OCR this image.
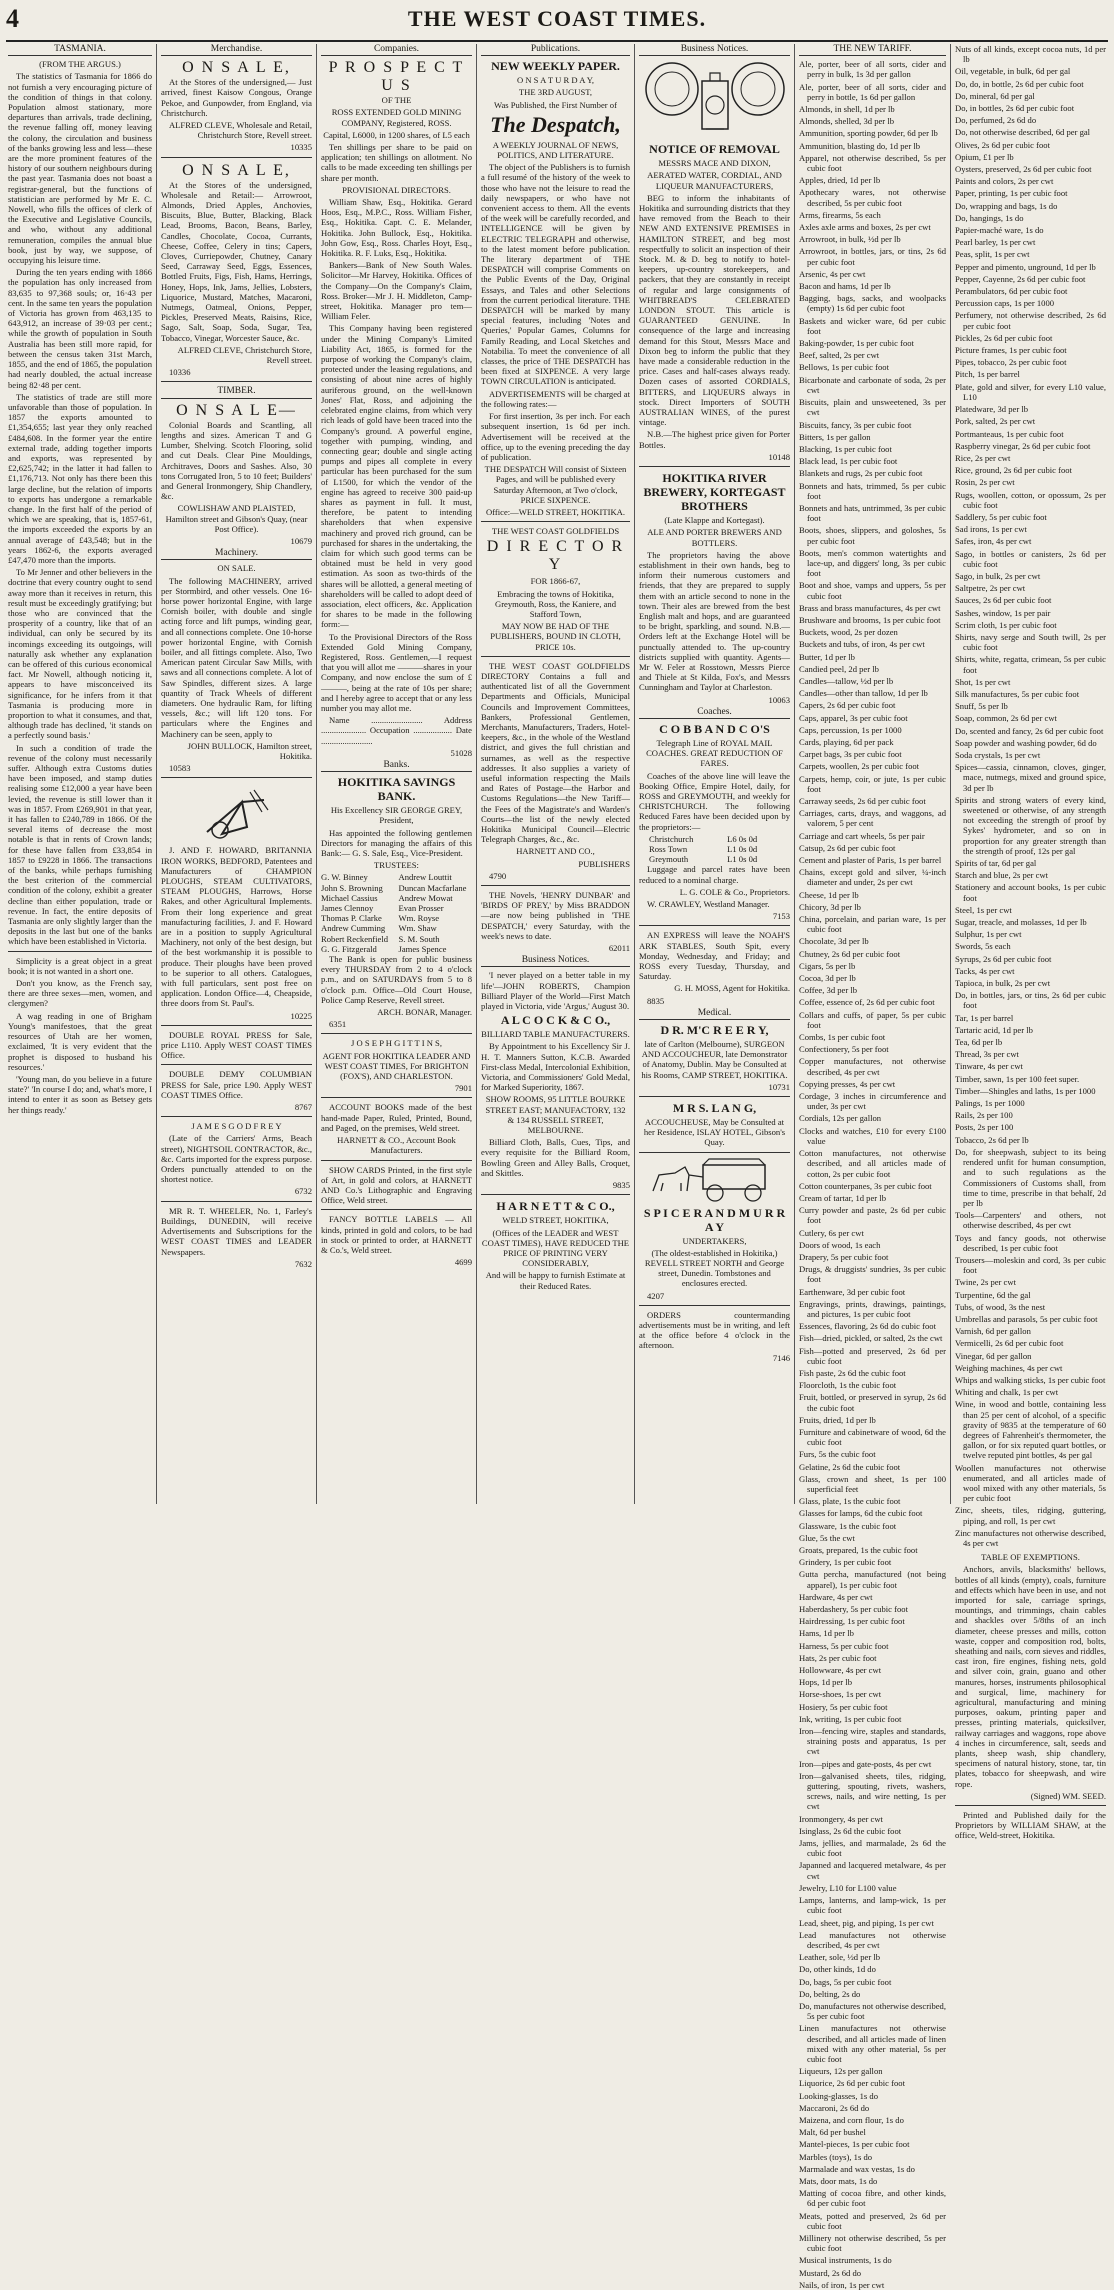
4	THE WEST COAST TIMES.
TASMANIA.

(FROM THE ARGUS.)

The statistics of Tasmania for 1866 do not furnish a very encouraging picture of the condition of things in that colony. Population almost stationary, more departures than arrivals, trade declining, the revenue falling off, money leaving the colony, the circulation and business of the banks growing less and less—these are the more prominent features of the history of our southern neighbours during the past year. Tasmania does not boast a registrar-general, but the functions of statistician are performed by Mr E. C. Nowell, who fills the offices of clerk of the Executive and Legislative Councils, and who, without any additional remuneration, compiles the annual blue book, just by way, we suppose, of occupying his leisure time.

During the ten years ending with 1866 the population has only increased from 83,635 to 97,368 souls; or, 16·43 per cent. In the same ten years the population of Victoria has grown from 463,135 to 643,912, an increase of 39·03 per cent.; while the growth of population in South Australia has been still more rapid, for between the census taken 31st March, 1855, and the end of 1865, the population had nearly doubled, the actual increase being 82·48 per cent.

The statistics of trade are still more unfavorable than those of population. In 1857 the exports amounted to £1,354,655; last year they only reached £484,608. In the former year the entire external trade, adding together imports and exports, was represented by £2,625,742; in the latter it had fallen to £1,176,713. Not only has there been this large decline, but the relation of imports to exports has undergone a remarkable change. In the first half of the period of which we are speaking, that is, 1857-61, the imports exceeded the exports by an annual average of £43,548; but in the years 1862-6, the exports averaged £47,470 more than the imports.

To Mr Jenner and other believers in the doctrine that every country ought to send away more than it receives in return, this result must be exceedingly gratifying; but those who are convinced that the prosperity of a country, like that of an individual, can only be secured by its incomings exceeding its outgoings, will naturally ask whether any explanation can be offered of this curious economical fact. Mr Nowell, although noticing it, appears to have misconceived its significance, for he infers from it that Tasmania is producing more in proportion to what it consumes, and that, although trade has declined, 'it stands on a perfectly sound basis.'

In such a condition of trade the revenue of the colony must necessarily suffer. Although extra Customs duties have been imposed, and stamp duties realising some £12,000 a year have been levied, the revenue is still lower than it was in 1857. From £269,901 in that year, it has fallen to £240,789 in 1866. Of the several items of decrease the most notable is that in rents of Crown lands; for these have fallen from £33,854 in 1857 to £9228 in 1866. The transactions of the banks, while perhaps furnishing the best criterion of the commercial condition of the colony, exhibit a greater decline than either population, trade or revenue. In fact, the entire deposits of Tasmania are only slightly larger than the deposits in the last but one of the banks which have been established in Victoria.

Simplicity is a great object in a great book; it is not wanted in a short one.

Don't you know, as the French say, there are three sexes—men, women, and clergymen?

A wag reading in one of Brigham Young's manifestoes, that the great resources of Utah are her women, exclaimed, 'It is very evident that the prophet is disposed to husband his resources.'

'Young man, do you believe in a future state?' 'In course I do; and, what's more, I intend to enter it as soon as Betsey gets her things ready.'

Merchandise.
O N S A L E,

At the Stores of the undersigned,— Just arrived, finest Kaisow Congous, Orange Pekoe, and Gunpowder, from England, via Christchurch.

ALFRED CLEVE, Wholesale and Retail, Christchurch Store, Revell street.

10335

O N S A L E,

At the Stores of the undersigned, Wholesale and Retail:— Arrowroot, Almonds, Dried Apples, Anchovies, Biscuits, Blue, Butter, Blacking, Black Lead, Brooms, Bacon, Beans, Barley, Candles, Chocolate, Cocoa, Currants, Cheese, Coffee, Celery in tins; Capers, Cloves, Curriepowder, Chutney, Canary Seed, Carraway Seed, Eggs, Essences, Bottled Fruits, Figs, Fish, Hams, Herrings, Honey, Hops, Ink, Jams, Jellies, Lobsters, Liquorice, Mustard, Matches, Macaroni, Nutmegs, Oatmeal, Onions, Pepper, Pickles, Preserved Meats, Raisins, Rice, Sago, Salt, Soap, Soda, Sugar, Tea, Tobacco, Vinegar, Worcester Sauce, &c.

ALFRED CLEVE, Christchurch Store, Revell street.

10336

TIMBER.
O N S A L E—

Colonial Boards and Scantling, all lengths and sizes. American T and G Lumber, Shelving. Scotch Flooring, solid and cut Deals. Clear Pine Mouldings, Architraves, Doors and Sashes. Also, 30 tons Corrugated Iron, 5 to 10 feet; Builders' and General Ironmongery, Ship Chandlery, &c.

COWLISHAW AND PLAISTED, Hamilton street and Gibson's Quay, (near Post Office).

10679

Machinery.

ON SALE.

The following MACHINERY, arrived per Stormbird, and other vessels. One 16-horse power horizontal Engine, with large Cornish boiler, with double and single acting force and lift pumps, winding gear, and all connections complete. One 10-horse power horizontal Engine, with Cornish boiler, and all fittings complete. Also, Two American patent Circular Saw Mills, with saws and all connections complete. A lot of Saw Spindles, different sizes. A large quantity of Track Wheels of different diameters. One hydraulic Ram, for lifting vessels, &c.; will lift 120 tons. For particulars where the Engines and Machinery can be seen, apply to

JOHN BULLOCK, Hamilton street, Hokitika.

10583

J. AND F. HOWARD, BRITANNIA IRON WORKS, BEDFORD, Patentees and Manufacturers of CHAMPION PLOUGHS, STEAM CULTIVATORS, STEAM PLOUGHS, Harrows, Horse Rakes, and other Agricultural Implements. From their long experience and great manufacturing facilities, J. and F. Howard are in a position to supply Agricultural Machinery, not only of the best design, but of the best workmanship it is possible to produce. Their ploughs have been proved to be superior to all others. Catalogues, with full particulars, sent post free on application. London Office—4, Cheapside, three doors from St. Paul's.

10225

DOUBLE ROYAL PRESS for Sale, price L110. Apply WEST COAST TIMES Office.

DOUBLE DEMY COLUMBIAN PRESS for Sale, price L90. Apply WEST COAST TIMES Office.

8767

J A M E S G O D F R E Y

(Late of the Carriers' Arms, Beach street), NIGHTSOIL CONTRACTOR, &c., &c. Carts imported for the express purpose. Orders punctually attended to on the shortest notice.

6732

MR R. T. WHEELER, No. 1, Farley's Buildings, DUNEDIN, will receive Advertisements and Subscriptions for the WEST COAST TIMES and LEADER Newspapers.

7632

Companies.
P R O S P E C T U S

OF THE

ROSS EXTENDED GOLD MINING COMPANY, Registered, ROSS.

Capital, L6000, in 1200 shares, of L5 each

Ten shillings per share to be paid on application; ten shillings on allotment. No calls to be made exceeding ten shillings per share per month.

PROVISIONAL DIRECTORS.

William Shaw, Esq., Hokitika. Gerard Hoos, Esq., M.P.C., Ross. William Fisher, Esq., Hokitika. Capt. C. E. Melander, Hokitika. John Bullock, Esq., Hokitika. John Gow, Esq., Ross. Charles Hoyt, Esq., Hokitika. R. F. Luks, Esq., Hokitika.

Bankers—Bank of New South Wales. Solicitor—Mr Harvey, Hokitika. Offices of the Company—On the Company's Claim, Ross. Broker—Mr J. H. Middleton, Camp-street, Hokitika. Manager pro tem—William Feler.

This Company having been registered under the Mining Company's Limited Liability Act, 1865, is formed for the purpose of working the Company's claim, protected under the leasing regulations, and consisting of about nine acres of highly auriferous ground, on the well-known Jones' Flat, Ross, and adjoining the celebrated engine claims, from which very rich leads of gold have been traced into the Company's ground. A powerful engine, together with pumping, winding, and connecting gear; double and single acting pumps and pipes all complete in every particular has been purchased for the sum of L1500, for which the vendor of the engine has agreed to receive 300 paid-up shares as payment in full. It must, therefore, be patent to intending shareholders that when expensive machinery and proved rich ground, can be purchased for shares in the undertaking, the claim for which such good terms can be obtained must be held in very good estimation. As soon as two-thirds of the shares will be allotted, a general meeting of shareholders will be called to adopt deed of association, elect officers, &c. Application for shares to be made in the following form:—

To the Provisional Directors of the Ross Extended Gold Mining Company, Registered, Ross. Gentlemen,—I request that you will allot me ———shares in your Company, and now enclose the sum of £———, being at the rate of 10s per share; and I hereby agree to accept that or any less number you may allot me.

Name ........................ Address ..................... Occupation .................. Date ........................

51028

Banks.

HOKITIKA SAVINGS BANK.

His Excellency SIR GEORGE GREY, President,

Has appointed the following gentlemen Directors for managing the affairs of this Bank:— G. S. Sale, Esq., Vice-President.

TRUSTEES:

G. W. Binney	Andrew Louttit
John S. Browning	Duncan Macfarlane
Michael Cassius	Andrew Mowat
James Clennoy	Evan Prosser
Thomas P. Clarke	Wm. Royse
Andrew Cumming	Wm. Shaw
Robert Reckenfield	S. M. South
G. G. Fitzgerald	James Spence

The Bank is open for public business every THURSDAY from 2 to 4 o'clock p.m., and on SATURDAYS from 5 to 8 o'clock p.m. Office—Old Court House, Police Camp Reserve, Revell street.

ARCH. BONAR, Manager.

6351

J O S E P H G I T T I N S,

AGENT FOR HOKITIKA LEADER AND WEST COAST TIMES, For BRIGHTON (FOX'S), AND CHARLESTON.

7901

ACCOUNT BOOKS made of the best hand-made Paper, Ruled, Printed, Bound, and Paged, on the premises, Weld street.

HARNETT & CO., Account Book Manufacturers.

SHOW CARDS Printed, in the first style of Art, in gold and colors, at HARNETT AND Co.'s Lithographic and Engraving Office, Weld street.

FANCY BOTTLE LABELS — All kinds, printed in gold and colors, to be had in stock or printed to order, at HARNETT & Co.'s, Weld street.

4699

Publications.

NEW WEEKLY PAPER.

O N S A T U R D A Y,

THE 3RD AUGUST,

Was Published, the First Number of

The Despatch,

A WEEKLY JOURNAL OF NEWS, POLITICS, AND LITERATURE.

The object of the Publishers is to furnish a full resumé of the history of the week to those who have not the leisure to read the daily newspapers, or who have not convenient access to them. All the events of the week will be carefully recorded, and INTELLIGENCE will be given by ELECTRIC TELEGRAPH and otherwise, to the latest moment before publication. The literary department of THE DESPATCH will comprise Comments on the Public Events of the Day, Original Essays, and Tales and other Selections from the current periodical literature. THE DESPATCH will be marked by many special features, including 'Notes and Queries,' Popular Games, Columns for Family Reading, and Local Sketches and Notabilia. To meet the convenience of all classes, the price of THE DESPATCH has been fixed at SIXPENCE. A very large TOWN CIRCULATION is anticipated.

ADVERTISEMENTS will be charged at the following rates:—

For first insertion, 3s per inch. For each subsequent insertion, 1s 6d per inch. Advertisement will be received at the office, up to the evening preceding the day of publication.

THE DESPATCH Will consist of Sixteen Pages, and will be published every Saturday Afternoon, at Two o'clock, PRICE SIXPENCE.

Office:—WELD STREET, HOKITIKA.

THE WEST COAST GOLDFIELDS

D I R E C T O R Y

FOR 1866-67,

Embracing the towns of Hokitika, Greymouth, Ross, the Kaniere, and Stafford Town,

MAY NOW BE HAD OF THE PUBLISHERS, BOUND IN CLOTH, PRICE 10s.

THE WEST COAST GOLDFIELDS DIRECTORY Contains a full and authenticated list of all the Government Departments and Officials, Municipal Councils and Improvement Committees, Bankers, Professional Gentlemen, Merchants, Manufacturers, Traders, Hotel-keepers, &c., in the whole of the Westland district, and gives the full christian and surnames, as well as the respective addresses. It also supplies a variety of useful information respecting the Mails and Rates of Postage—the Harbor and Customs Regulations—the New Tariff—the Fees of the Magistrate's and Warden's Courts—the list of the newly elected Hokitika Municipal Council—Electric Telegraph Charges, &c., &c.

HARNETT AND CO.,

PUBLISHERS

4790

THE Novels, 'HENRY DUNBAR' and 'BIRDS OF PREY,' by Miss BRADDON—are now being published in 'THE DESPATCH,' every Saturday, with the week's news to date.

62011

Business Notices.

'I never played on a better table in my life'—JOHN ROBERTS, Champion Billiard Player of the World—First Match played in Victoria, vide 'Argus,' August 30.

A L C O C K & C O.,

BILLIARD TABLE MANUFACTURERS.

By Appointment to his Excellency Sir J. H. T. Manners Sutton, K.C.B. Awarded First-class Medal, Intercolonial Exhibition, Victoria, and Commissioners' Gold Medal, for Marked Superiority, 1867.

SHOW ROOMS, 95 LITTLE BOURKE STREET EAST; MANUFACTORY, 132 & 134 RUSSELL STREET, MELBOURNE.

Billiard Cloth, Balls, Cues, Tips, and every requisite for the Billiard Room, Bowling Green and Alley Balls, Croquet, and Skittles.

9835

H A R N E T T & C O.,

WELD STREET, HOKITIKA,

(Offices of the LEADER and WEST COAST TIMES), HAVE REDUCED THE PRICE OF PRINTING VERY CONSIDERABLY,

And will be happy to furnish Estimate at their Reduced Rates.

Business Notices.

NOTICE OF REMOVAL

MESSRS MACE AND DIXON,

AERATED WATER, CORDIAL, AND LIQUEUR MANUFACTURERS,

BEG to inform the inhabitants of Hokitika and surrounding districts that they have removed from the Beach to their NEW AND EXTENSIVE PREMISES in HAMILTON STREET, and beg most respectfully to solicit an inspection of their Stock. M. & D. beg to notify to hotel-keepers, up-country storekeepers, and packers, that they are constantly in receipt of regular and large consignments of WHITBREAD'S CELEBRATED LONDON STOUT. This article is GUARANTEED GENUINE. In consequence of the large and increasing demand for this Stout, Messrs Mace and Dixon beg to inform the public that they have made a considerable reduction in the price. Cases and half-cases always ready. Dozen cases of assorted CORDIALS, BITTERS, and LIQUEURS always in stock. Direct Importers of SOUTH AUSTRALIAN WINES, of the purest vintage.

N.B.—The highest price given for Porter Bottles.

10148

HOKITIKA RIVER BREWERY, KORTEGAST BROTHERS

(Late Klappe and Kortegast).

ALE AND PORTER BREWERS AND BOTTLERS.

The proprietors having the above establishment in their own hands, beg to inform their numerous customers and friends, that they are prepared to supply them with an article second to none in the town. Their ales are brewed from the best English malt and hops, and are guaranteed to be bright, sparkling, and sound. N.B.—Orders left at the Exchange Hotel will be punctually attended to. The up-country districts supplied with quantity. Agents—Mr W. Feler at Rosstown, Messrs Pierce and Thiele at St Kilda, Fox's, and Messrs Cunningham and Taylor at Charleston.

10063

Coaches.

C O B B A N D C O'S

Telegraph Line of ROYAL MAIL COACHES. GREAT REDUCTION OF FARES.

Coaches of the above line will leave the Booking Office, Empire Hotel, daily, for ROSS and GREYMOUTH, and weekly for CHRISTCHURCH. The following Reduced Fares have been decided upon by the proprietors:—

Christchurch	L6 0s 0d
Ross Town	L1 0s 0d
Greymouth	L1 0s 0d

Luggage and parcel rates have been reduced to a nominal charge.

L. G. COLE & Co., Proprietors.

W. CRAWLEY, Westland Manager.

7153

AN EXPRESS will leave the NOAH'S ARK STABLES, South Spit, every Monday, Wednesday, and Friday; and ROSS every Tuesday, Thursday, and Saturday.

G. H. MOSS, Agent for Hokitika.

8835

Medical.

D R. M'C R E E R Y,

late of Carlton (Melbourne), SURGEON AND ACCOUCHEUR, late Demonstrator of Anatomy, Dublin. May be Consulted at his Rooms, CAMP STREET, HOKITIKA.

10731

M R S. L A N G,

ACCOUCHEUSE, May be Consulted at her Residence, ISLAY HOTEL, Gibson's Quay.

S P I C E R A N D M U R R A Y

UNDERTAKERS,

(The oldest-established in Hokitika,) REVELL STREET NORTH and George street, Dunedin. Tombstones and enclosures erected.

4207

ORDERS countermanding advertisements must be in writing, and left at the office before 4 o'clock in the afternoon.

7146

THE NEW TARIFF.

Ale, porter, beer of all sorts, cider and perry in bulk, 1s 3d per gallon

Ale, porter, beer of all sorts, cider and perry in bottle, 1s 6d per gallon

Almonds, in shell, 1d per lb

Almonds, shelled, 3d per lb

Ammunition, sporting powder, 6d per lb

Ammunition, blasting do, 1d per lb

Apparel, not otherwise described, 5s per cubic foot

Apples, dried, 1d per lb

Apothecary wares, not otherwise described, 5s per cubic foot

Arms, firearms, 5s each

Axles axle arms and boxes, 2s per cwt

Arrowroot, in bulk, ½d per lb

Arrowroot, in bottles, jars, or tins, 2s 6d per cubic foot

Arsenic, 4s per cwt

Bacon and hams, 1d per lb

Bagging, bags, sacks, and woolpacks (empty) 1s 6d per cubic foot

Baskets and wicker ware, 6d per cubic foot

Baking-powder, 1s per cubic foot

Beef, salted, 2s per cwt

Bellows, 1s per cubic foot

Bicarbonate and carbonate of soda, 2s per cwt

Biscuits, plain and unsweetened, 3s per cwt

Biscuits, fancy, 3s per cubic foot

Bitters, 1s per gallon

Blacking, 1s per cubic foot

Black lead, 1s per cubic foot

Blankets and rugs, 2s per cubic foot

Bonnets and hats, trimmed, 5s per cubic foot

Bonnets and hats, untrimmed, 3s per cubic foot

Boots, shoes, slippers, and goloshes, 5s per cubic foot

Boots, men's common watertights and lace-up, and diggers' long, 3s per cubic foot

Boot and shoe, vamps and uppers, 5s per cubic foot

Brass and brass manufactures, 4s per cwt

Brushware and brooms, 1s per cubic foot

Buckets, wood, 2s per dozen

Buckets and tubs, of iron, 4s per cwt

Butter, 1d per lb

Candied peel, 2d per lb

Candles—tallow, ½d per lb

Candles—other than tallow, 1d per lb

Capers, 2s 6d per cubic foot

Caps, apparel, 3s per cubic foot

Caps, percussion, 1s per 1000

Cards, playing, 6d per pack

Carpet bags, 3s per cubic foot

Carpets, woollen, 2s per cubic foot

Carpets, hemp, coir, or jute, 1s per cubic foot

Carraway seeds, 2s 6d per cubic foot

Carriages, carts, drays, and waggons, ad valorem, 5 per cent

Carriage and cart wheels, 5s per pair

Catsup, 2s 6d per cubic foot

Cement and plaster of Paris, 1s per barrel

Chains, except gold and silver, ¼-inch diameter and under, 2s per cwt

Cheese, 1d per lb

Chicory, 3d per lb

China, porcelain, and parian ware, 1s per cubic foot

Chocolate, 3d per lb

Chutney, 2s 6d per cubic foot

Cigars, 5s per lb

Cocoa, 3d per lb

Coffee, 3d per lb

Coffee, essence of, 2s 6d per cubic foot

Collars and cuffs, of paper, 5s per cubic foot

Combs, 1s per cubic foot

Confectionery, 5s per foot

Copper manufactures, not otherwise described, 4s per cwt

Copying presses, 4s per cwt

Cordage, 3 inches in circumference and under, 3s per cwt

Cordials, 12s per gallon

Clocks and watches, £10 for every £100 value

Cotton manufactures, not otherwise described, and all articles made of cotton, 2s per cubic foot

Cotton counterpanes, 3s per cubic foot

Cream of tartar, 1d per lb

Curry powder and paste, 2s 6d per cubic foot

Cutlery, 6s per cwt

Doors of wood, 1s each

Drapery, 5s per cubic foot

Drugs, & druggists' sundries, 3s per cubic foot

Earthenware, 3d per cubic foot

Engravings, prints, drawings, paintings, and pictures, 1s per cubic foot

Essences, flavoring, 2s 6d do cubic foot

Fish—dried, pickled, or salted, 2s the cwt

Fish—potted and preserved, 2s 6d per cubic foot

Fish paste, 2s 6d the cubic foot

Floorcloth, 1s the cubic foot

Fruit, bottled, or preserved in syrup, 2s 6d the cubic foot

Fruits, dried, 1d per lb

Furniture and cabinetware of wood, 6d the cubic foot

Furs, 5s the cubic foot

Gelatine, 2s 6d the cubic foot

Glass, crown and sheet, 1s per 100 superficial feet

Glass, plate, 1s the cubic foot

Glasses for lamps, 6d the cubic foot

Glassware, 1s the cubic foot

Glue, 5s the cwt

Groats, prepared, 1s the cubic foot

Grindery, 1s per cubic foot

Gutta percha, manufactured (not being apparel), 1s per cubic foot

Hardware, 4s per cwt

Haberdashery, 5s per cubic foot

Hairdressing, 1s per cubic foot

Hams, 1d per lb

Harness, 5s per cubic foot

Hats, 2s per cubic foot

Hollowware, 4s per cwt

Hops, 1d per lb

Horse-shoes, 1s per cwt

Hosiery, 5s per cubic foot

Ink, writing, 1s per cubic foot

Iron—fencing wire, staples and standards, straining posts and apparatus, 1s per cwt

Iron—pipes and gate-posts, 4s per cwt

Iron—galvanised sheets, tiles, ridging, guttering, spouting, rivets, washers, screws, nails, and wire netting, 1s per cwt

Ironmongery, 4s per cwt

Isinglass, 2s 6d the cubic foot

Jams, jellies, and marmalade, 2s 6d the cubic foot

Japanned and lacquered metalware, 4s per cwt

Jewelry, L10 for L100 value

Lamps, lanterns, and lamp-wick, 1s per cubic foot

Lead, sheet, pig, and piping, 1s per cwt

Lead manufactures not otherwise described, 4s per cwt

Leather, sole, ½d per lb

Do, other kinds, 1d do

Do, bags, 5s per cubic foot

Do, belting, 2s do

Do, manufactures not otherwise described, 5s per cubic foot

Linen manufactures not otherwise described, and all articles made of linen mixed with any other material, 5s per cubic foot

Liqueurs, 12s per gallon

Liquorice, 2s 6d per cubic foot

Looking-glasses, 1s do

Maccaroni, 2s 6d do

Maizena, and corn flour, 1s do

Malt, 6d per bushel

Mantel-pieces, 1s per cubic foot

Marbles (toys), 1s do

Marmalade and wax vestas, 1s do

Mats, door mats, 1s do

Matting of cocoa fibre, and other kinds, 6d per cubic foot

Meats, potted and preserved, 2s 6d per cubic foot

Millinery not otherwise described, 5s per cubic foot

Musical instruments, 1s do

Mustard, 2s 6d do

Nails, of iron, 1s per cwt

Nuts of all kinds, except cocoa nuts, 1d per lb

Oil, vegetable, in bulk, 6d per gal

Do, do, in bottle, 2s 6d per cubic foot

Do, mineral, 6d per gal

Do, in bottles, 2s 6d per cubic foot

Do, perfumed, 2s 6d do

Do, not otherwise described, 6d per gal

Olives, 2s 6d per cubic foot

Opium, £1 per lb

Oysters, preserved, 2s 6d per cubic foot

Paints and colors, 2s per cwt

Paper, printing, 1s per cubic foot

Do, wrapping and bags, 1s do

Do, hangings, 1s do

Papier-maché ware, 1s do

Pearl barley, 1s per cwt

Peas, split, 1s per cwt

Pepper and pimento, unground, 1d per lb

Pepper, Cayenne, 2s 6d per cubic foot

Perambulators, 6d per cubic foot

Percussion caps, 1s per 1000

Perfumery, not otherwise described, 2s 6d per cubic foot

Pickles, 2s 6d per cubic foot

Picture frames, 1s per cubic foot

Pipes, tobacco, 2s per cubic foot

Pitch, 1s per barrel

Plate, gold and silver, for every L10 value, L10

Platedware, 3d per lb

Pork, salted, 2s per cwt

Portmanteaus, 1s per cubic foot

Raspberry vinegar, 2s 6d per cubic foot

Rice, 2s per cwt

Rice, ground, 2s 6d per cubic foot

Rosin, 2s per cwt

Rugs, woollen, cotton, or opossum, 2s per cubic foot

Saddlery, 5s per cubic foot

Sad irons, 1s per cwt

Safes, iron, 4s per cwt

Sago, in bottles or canisters, 2s 6d per cubic foot

Sago, in bulk, 2s per cwt

Saltpetre, 2s per cwt

Sauces, 2s 6d per cubic foot

Sashes, window, 1s per pair

Scrim cloth, 1s per cubic foot

Shirts, navy serge and South twill, 2s per cubic foot

Shirts, white, regatta, crimean, 5s per cubic foot

Shot, 1s per cwt

Silk manufactures, 5s per cubic foot

Snuff, 5s per lb

Soap, common, 2s 6d per cwt

Do, scented and fancy, 2s 6d per cubic foot

Soap powder and washing powder, 6d do

Soda crystals, 1s per cwt

Spices—cassia, cinnamon, cloves, ginger, mace, nutmegs, mixed and ground spice, 3d per lb

Spirits and strong waters of every kind, sweetened or otherwise, of any strength not exceeding the strength of proof by Sykes' hydrometer, and so on in proportion for any greater strength than the strength of proof, 12s per gal

Spirits of tar, 6d per gal

Starch and blue, 2s per cwt

Stationery and account books, 1s per cubic foot

Steel, 1s per cwt

Sugar, treacle, and molasses, 1d per lb

Sulphur, 1s per cwt

Swords, 5s each

Syrups, 2s 6d per cubic foot

Tacks, 4s per cwt

Tapioca, in bulk, 2s per cwt

Do, in bottles, jars, or tins, 2s 6d per cubic foot

Tar, 1s per barrel

Tartaric acid, 1d per lb

Tea, 6d per lb

Thread, 3s per cwt

Tinware, 4s per cwt

Timber, sawn, 1s per 100 feet super.

Timber—Shingles and laths, 1s per 1000

Palings, 1s per 1000

Rails, 2s per 100

Posts, 2s per 100

Tobacco, 2s 6d per lb

Do, for sheepwash, subject to its being rendered unfit for human consumption, and to such regulations as the Commissioners of Customs shall, from time to time, prescribe in that behalf, 2d per lb

Tools—Carpenters' and others, not otherwise described, 4s per cwt

Toys and fancy goods, not otherwise described, 1s per cubic foot

Trousers—moleskin and cord, 3s per cubic foot

Twine, 2s per cwt

Turpentine, 6d the gal

Tubs, of wood, 3s the nest

Umbrellas and parasols, 5s per cubic foot

Varnish, 6d per gallon

Vermicelli, 2s 6d per cubic foot

Vinegar, 6d per gallon

Weighing machines, 4s per cwt

Whips and walking sticks, 1s per cubic foot

Whiting and chalk, 1s per cwt

Wine, in wood and bottle, containing less than 25 per cent of alcohol, of a specific gravity of 9835 at the temperature of 60 degrees of Fahrenheit's thermometer, the gallon, or for six reputed quart bottles, or twelve reputed pint bottles, 4s per gal

Woollen manufactures not otherwise enumerated, and all articles made of wool mixed with any other materials, 5s per cubic foot

Zinc, sheets, tiles, ridging, guttering, piping, and roll, 1s per cwt

Zinc manufactures not otherwise described, 4s per cwt

TABLE OF EXEMPTIONS.

Anchors, anvils, blacksmiths' bellows, bottles of all kinds (empty), coals, furniture and effects which have been in use, and not imported for sale, carriage springs, mountings, and trimmings, chain cables and shackles over 5/8ths of an inch diameter, cheese presses and mills, cotton waste, copper and composition rod, bolts, sheathing and nails, corn sieves and riddles, cast iron, fire engines, fishing nets, gold and silver coin, grain, guano and other manures, horses, instruments philosophical and surgical, lime, machinery for agricultural, manufacturing and mining purposes, oakum, printing paper and presses, printing materials, quicksilver, railway carriages and waggons, rope above 4 inches in circumference, salt, seeds and plants, sheep wash, ship chandlery, specimens of natural history, stone, tar, tin plates, tobacco for sheepwash, and wire rope.

(Signed) WM. SEED.

Printed and Published daily for the Proprietors by WILLIAM SHAW, at the office, Weld-street, Hokitika.
